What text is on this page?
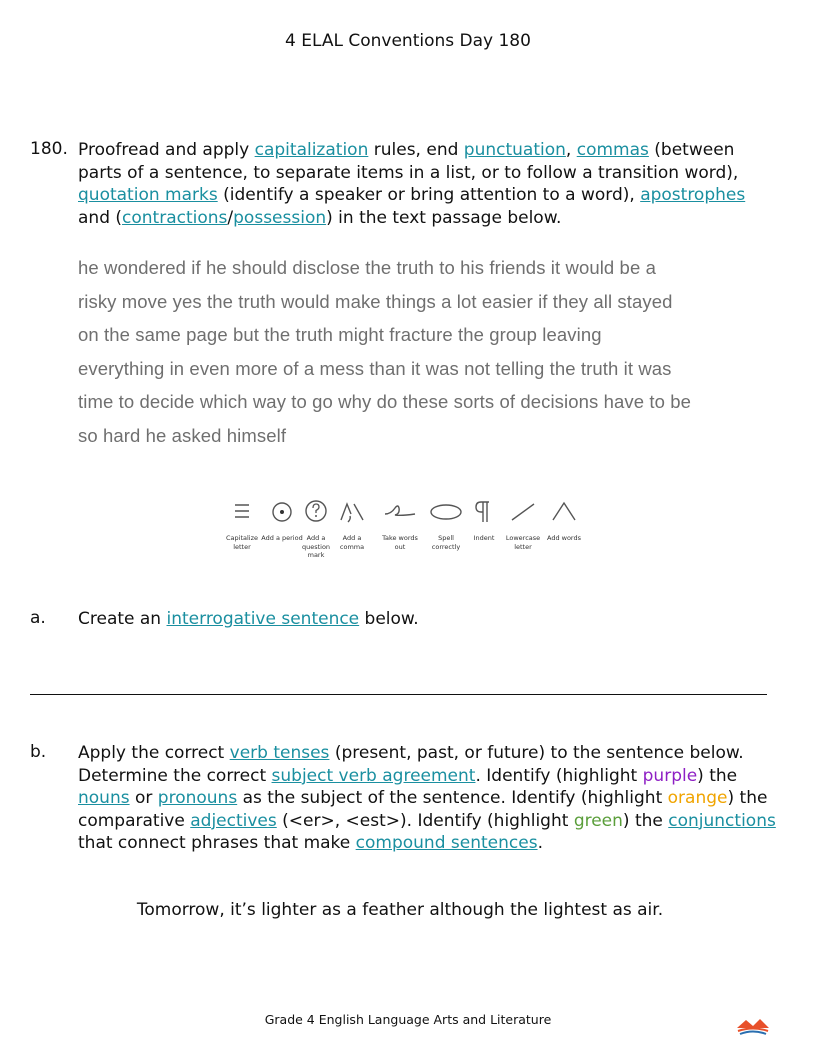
4 ELAL Conventions Day 180
180. Proofread and apply capitalization rules, end punctuation, commas (between parts of a sentence, to separate items in a list, or to follow a transition word), quotation marks (identify a speaker or bring attention to a word), apostrophes and (contractions/possession) in the text passage below.
he wondered if he should disclose the truth to his friends it would be a
risky move yes the truth would make things a lot easier if they all stayed
on the same page but the truth might fracture the group leaving
everything in even more of a mess than it was not telling the truth it was
time to decide which way to go why do these sorts of decisions have to be
so hard he asked himself
Capitalize letter
Add a period Add a question mark
Add a comma
Take words out
Spell correctly
Indent	Lowercase letter
Add words
a. Create an interrogative sentence below.
b. Apply the correct verb tenses (present, past, or future) to the sentence below. Determine the correct subject verb agreement. Identify (highlight purple) the nouns or pronouns as the subject of the sentence. Identify (highlight orange) the comparative adjectives (<er>, <est>). Identify (highlight green) the conjunctions that connect phrases that make compound sentences.
Tomorrow, it’s lighter as a feather although the lightest as air.
Grade 4 English Language Arts and Literature
